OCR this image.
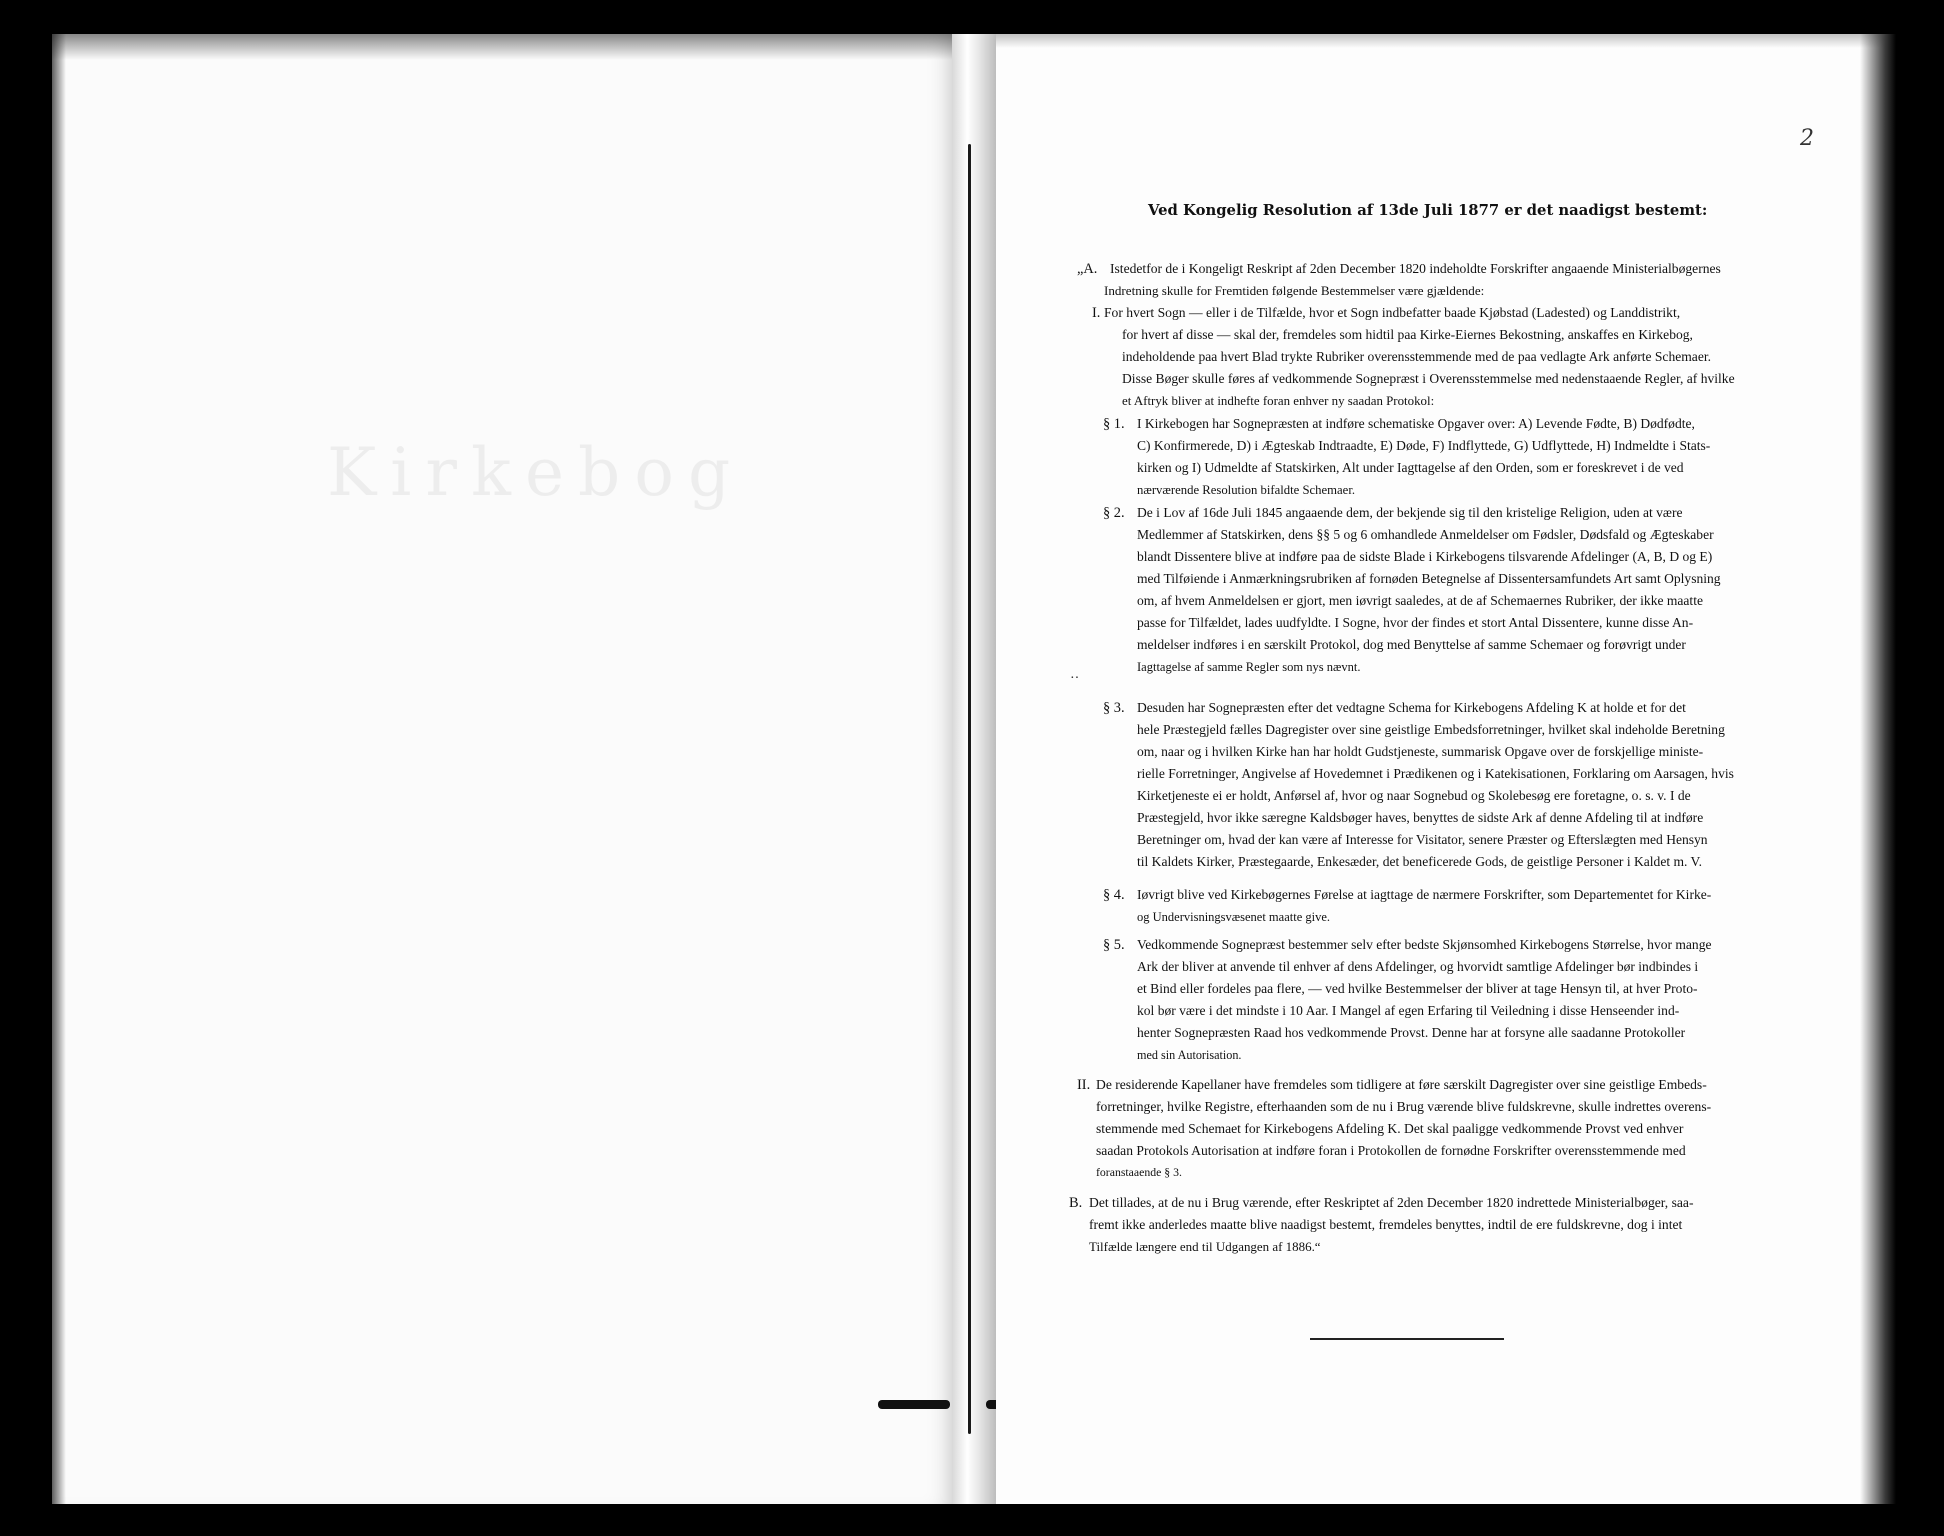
Kirkebog
2
Ved Kongelig Resolution af 13de Juli 1877 er det naadigst bestemt:
··
„A. Istedetfor de i Kongeligt Reskript af 2den December 1820 indeholdte Forskrifter angaaende Ministerialbøgernes
Indretning skulle for Fremtiden følgende Bestemmelser være gjældende:
I. For hvert Sogn — eller i de Tilfælde, hvor et Sogn indbefatter baade Kjøbstad (Ladested) og Landdistrikt,
for hvert af disse — skal der, fremdeles som hidtil paa Kirke-Eiernes Bekostning, anskaffes en Kirkebog,
indeholdende paa hvert Blad trykte Rubriker overensstemmende med de paa vedlagte Ark anførte Schemaer.
Disse Bøger skulle føres af vedkommende Sognepræst i Overensstemmelse med nedenstaaende Regler, af hvilke
et Aftryk bliver at indhefte foran enhver ny saadan Protokol:
§ 1. I Kirkebogen har Sognepræsten at indføre schematiske Opgaver over: A) Levende Fødte, B) Dødfødte,
C) Konfirmerede, D) i Ægteskab Indtraadte, E) Døde, F) Indflyttede, G) Udflyttede, H) Indmeldte i Stats-
kirken og I) Udmeldte af Statskirken, Alt under Iagttagelse af den Orden, som er foreskrevet i de ved
nærværende Resolution bifaldte Schemaer.
§ 2. De i Lov af 16de Juli 1845 angaaende dem, der bekjende sig til den kristelige Religion, uden at være
Medlemmer af Statskirken, dens §§ 5 og 6 omhandlede Anmeldelser om Fødsler, Dødsfald og Ægteskaber
blandt Dissentere blive at indføre paa de sidste Blade i Kirkebogens tilsvarende Afdelinger (A, B, D og E)
med Tilføiende i Anmærkningsrubriken af fornøden Betegnelse af Dissentersamfundets Art samt Oplysning
om, af hvem Anmeldelsen er gjort, men iøvrigt saaledes, at de af Schemaernes Rubriker, der ikke maatte
passe for Tilfældet, lades uudfyldte. I Sogne, hvor der findes et stort Antal Dissentere, kunne disse An-
meldelser indføres i en særskilt Protokol, dog med Benyttelse af samme Schemaer og forøvrigt under
Iagttagelse af samme Regler som nys nævnt.
§ 3. Desuden har Sognepræsten efter det vedtagne Schema for Kirkebogens Afdeling K at holde et for det
hele Præstegjeld fælles Dagregister over sine geistlige Embedsforretninger, hvilket skal indeholde Beretning
om, naar og i hvilken Kirke han har holdt Gudstjeneste, summarisk Opgave over de forskjellige ministe-
rielle Forretninger, Angivelse af Hovedemnet i Prædikenen og i Katekisationen, Forklaring om Aarsagen, hvis
Kirketjeneste ei er holdt, Anførsel af, hvor og naar Sognebud og Skolebesøg ere foretagne, o. s. v. I de
Præstegjeld, hvor ikke særegne Kaldsbøger haves, benyttes de sidste Ark af denne Afdeling til at indføre
Beretninger om, hvad der kan være af Interesse for Visitator, senere Præster og Efterslægten med Hensyn
til Kaldets Kirker, Præstegaarde, Enkesæder, det beneficerede Gods, de geistlige Personer i Kaldet m. V.
§ 4. Iøvrigt blive ved Kirkebøgernes Førelse at iagttage de nærmere Forskrifter, som Departementet for Kirke-
og Undervisningsvæsenet maatte give.
§ 5. Vedkommende Sognepræst bestemmer selv efter bedste Skjønsomhed Kirkebogens Størrelse, hvor mange
Ark der bliver at anvende til enhver af dens Afdelinger, og hvorvidt samtlige Afdelinger bør indbindes i
et Bind eller fordeles paa flere, — ved hvilke Bestemmelser der bliver at tage Hensyn til, at hver Proto-
kol bør være i det mindste i 10 Aar. I Mangel af egen Erfaring til Veiledning i disse Henseender ind-
henter Sognepræsten Raad hos vedkommende Provst. Denne har at forsyne alle saadanne Protokoller
med sin Autorisation.
II. De residerende Kapellaner have fremdeles som tidligere at føre særskilt Dagregister over sine geistlige Embeds-
forretninger, hvilke Registre, efterhaanden som de nu i Brug værende blive fuldskrevne, skulle indrettes overens-
stemmende med Schemaet for Kirkebogens Afdeling K. Det skal paaligge vedkommende Provst ved enhver
saadan Protokols Autorisation at indføre foran i Protokollen de fornødne Forskrifter overensstemmende med
foranstaaende § 3.
B. Det tillades, at de nu i Brug værende, efter Reskriptet af 2den December 1820 indrettede Ministerialbøger, saa-
fremt ikke anderledes maatte blive naadigst bestemt, fremdeles benyttes, indtil de ere fuldskrevne, dog i intet
Tilfælde længere end til Udgangen af 1886.“
